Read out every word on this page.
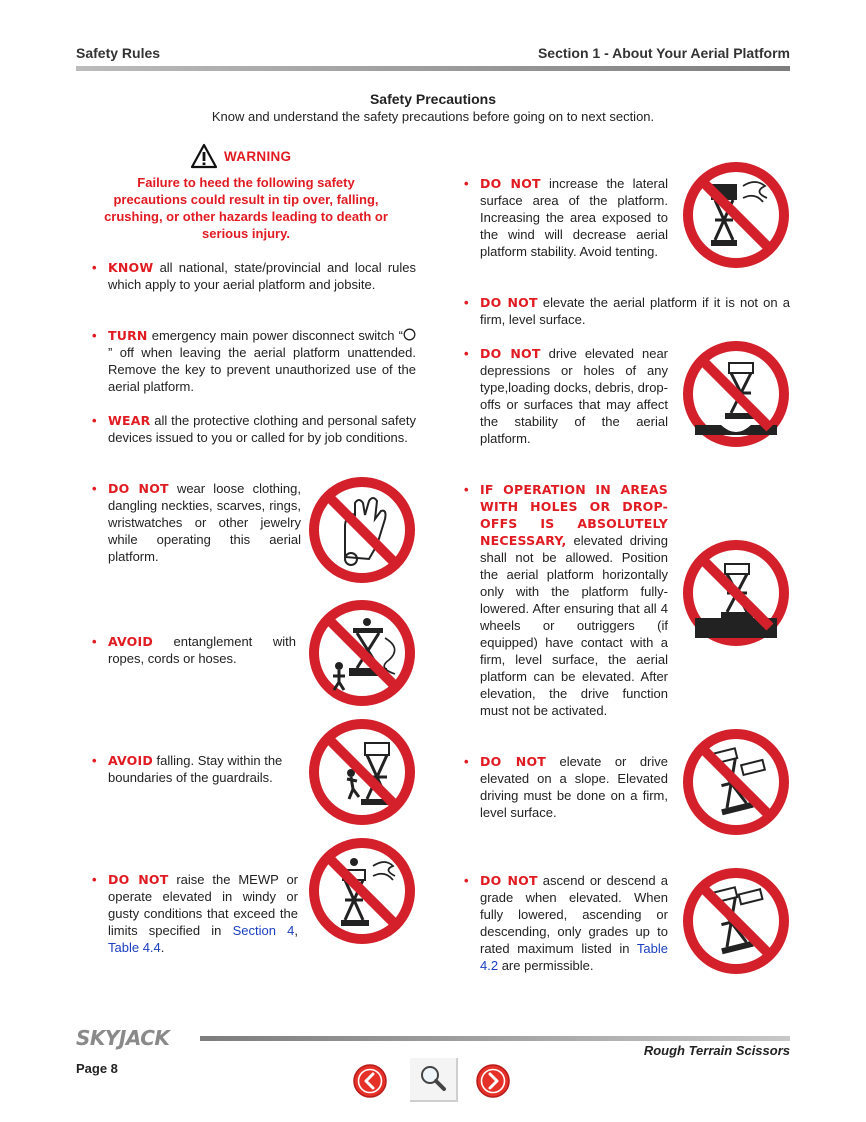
Safety Rules	Section 1 - About Your Aerial Platform
Safety Precautions
Know and understand the safety precautions before going on to next section.
WARNING
Failure to heed the following safety precautions could result in tip over, falling, crushing, or other hazards leading to death or serious injury.
• KNOW all national, state/provincial and local rules which apply to your aerial platform and jobsite.
• TURN emergency main power disconnect switch “” off when leaving the aerial platform unattended. Remove the key to prevent unauthorized use of the aerial platform.
• WEAR all the protective clothing and personal safety devices issued to you or called for by job conditions.
• DO NOT wear loose clothing, dangling neckties, scarves, rings, wristwatches or other jewelry while operating this aerial platform.
• AVOID entanglement with ropes, cords or hoses.
• AVOID falling. Stay within the boundaries of the guardrails.
• DO NOT raise the MEWP or operate elevated in windy or gusty conditions that exceed the limits specified in Section 4, Table 4.4.
• DO NOT increase the lateral surface area of the platform. Increasing the area exposed to the wind will decrease aerial platform stability. Avoid tenting.
• DO NOT elevate the aerial platform if it is not on a firm, level surface.
• DO NOT drive elevated near depressions or holes of any type,loading docks, debris, drop-offs or surfaces that may affect the stability of the aerial platform.
• IF OPERATION IN AREAS WITH HOLES OR DROP-OFFS IS ABSOLUTELY NECESSARY, elevated driving shall not be allowed. Position the aerial platform horizontally only with the platform fully-lowered. After ensuring that all 4 wheels or outriggers (if equipped) have contact with a firm, level surface, the aerial platform can be elevated. After elevation, the drive function must not be activated.
• DO NOT elevate or drive elevated on a slope. Elevated driving must be done on a firm, level surface.
• DO NOT ascend or descend a grade when elevated. When fully lowered, ascending or descending, only grades up to rated maximum listed in Table 4.2 are permissible.
SKYJACK
Rough Terrain Scissors
Page 8
